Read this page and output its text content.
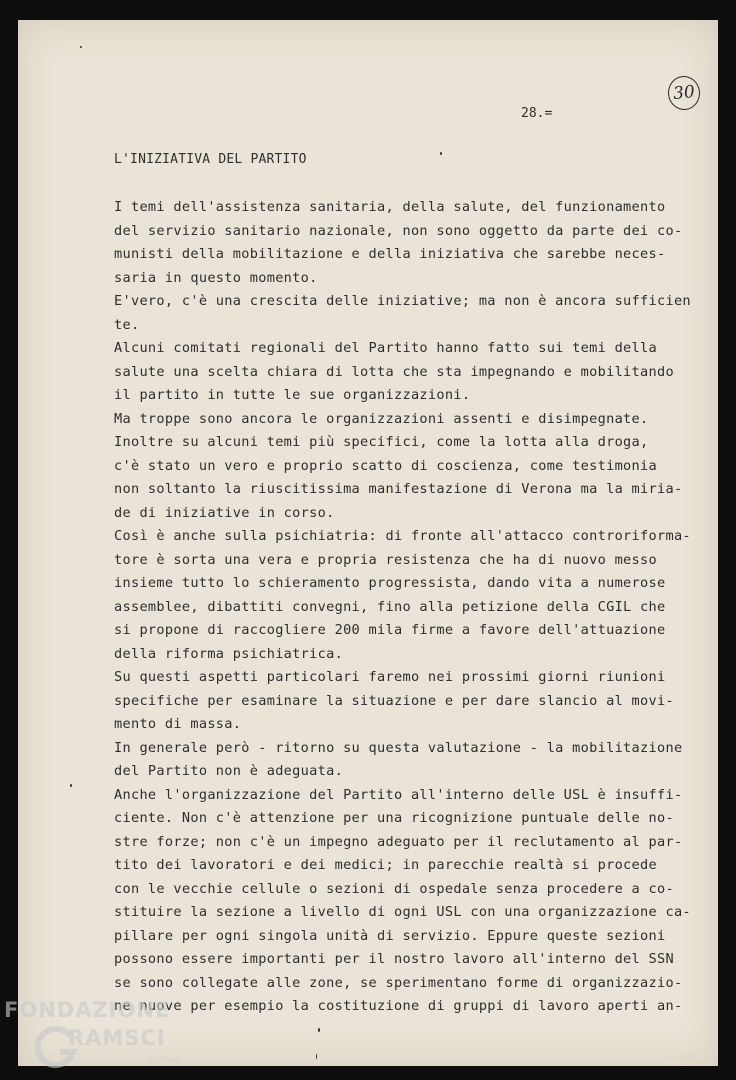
30
28.=
L'INIZIATIVA DEL PARTITO
I temi dell'assistenza sanitaria, della salute, del funzionamento
del servizio sanitario nazionale, non sono oggetto da parte dei co-
munisti della mobilitazione e della iniziativa che sarebbe neces-
saria in questo momento.
E'vero, c'è una crescita delle iniziative; ma non è ancora sufficien
te.
Alcuni comitati regionali del Partito hanno fatto sui temi della
salute una scelta chiara di lotta che sta impegnando e mobilitando
il partito in tutte le sue organizzazioni.
Ma troppe sono ancora le organizzazioni assenti e disimpegnate.
Inoltre su alcuni temi più specifici, come la lotta alla droga,
c'è stato un vero e proprio scatto di coscienza, come testimonia
non soltanto la riuscitissima manifestazione di Verona ma la miria-
de di iniziative in corso.
Così è anche sulla psichiatria: di fronte all'attacco controriforma-
tore è sorta una vera e propria resistenza che ha di nuovo messo
insieme tutto lo schieramento progressista, dando vita a numerose
assemblee, dibattiti convegni, fino alla petizione della CGIL che
si propone di raccogliere 200 mila firme a favore dell'attuazione
della riforma psichiatrica.
Su questi aspetti particolari faremo nei prossimi giorni riunioni
specifiche per esaminare la situazione e per dare slancio al movi-
mento di massa.
In generale però - ritorno su questa valutazione - la mobilitazione
del Partito non è adeguata.
Anche l'organizzazione del Partito all'interno delle USL è insuffi-
ciente. Non c'è attenzione per una ricognizione puntuale delle no-
stre forze; non c'è un impegno adeguato per il reclutamento al par-
tito dei lavoratori e dei medici; in parecchie realtà si procede
con le vecchie cellule o sezioni di ospedale senza procedere a co-
stituire la sezione a livello di ogni USL con una organizzazione ca-
pillare per ogni singola unità di servizio. Eppure queste sezioni
possono essere importanti per il nostro lavoro all'interno del SSN
se sono collegate alle zone, se sperimentano forme di organizzazio-
ne nuove per esempio la costituzione di gruppi di lavoro aperti an-
FONDAZIONE
RAMSCI
onlus
